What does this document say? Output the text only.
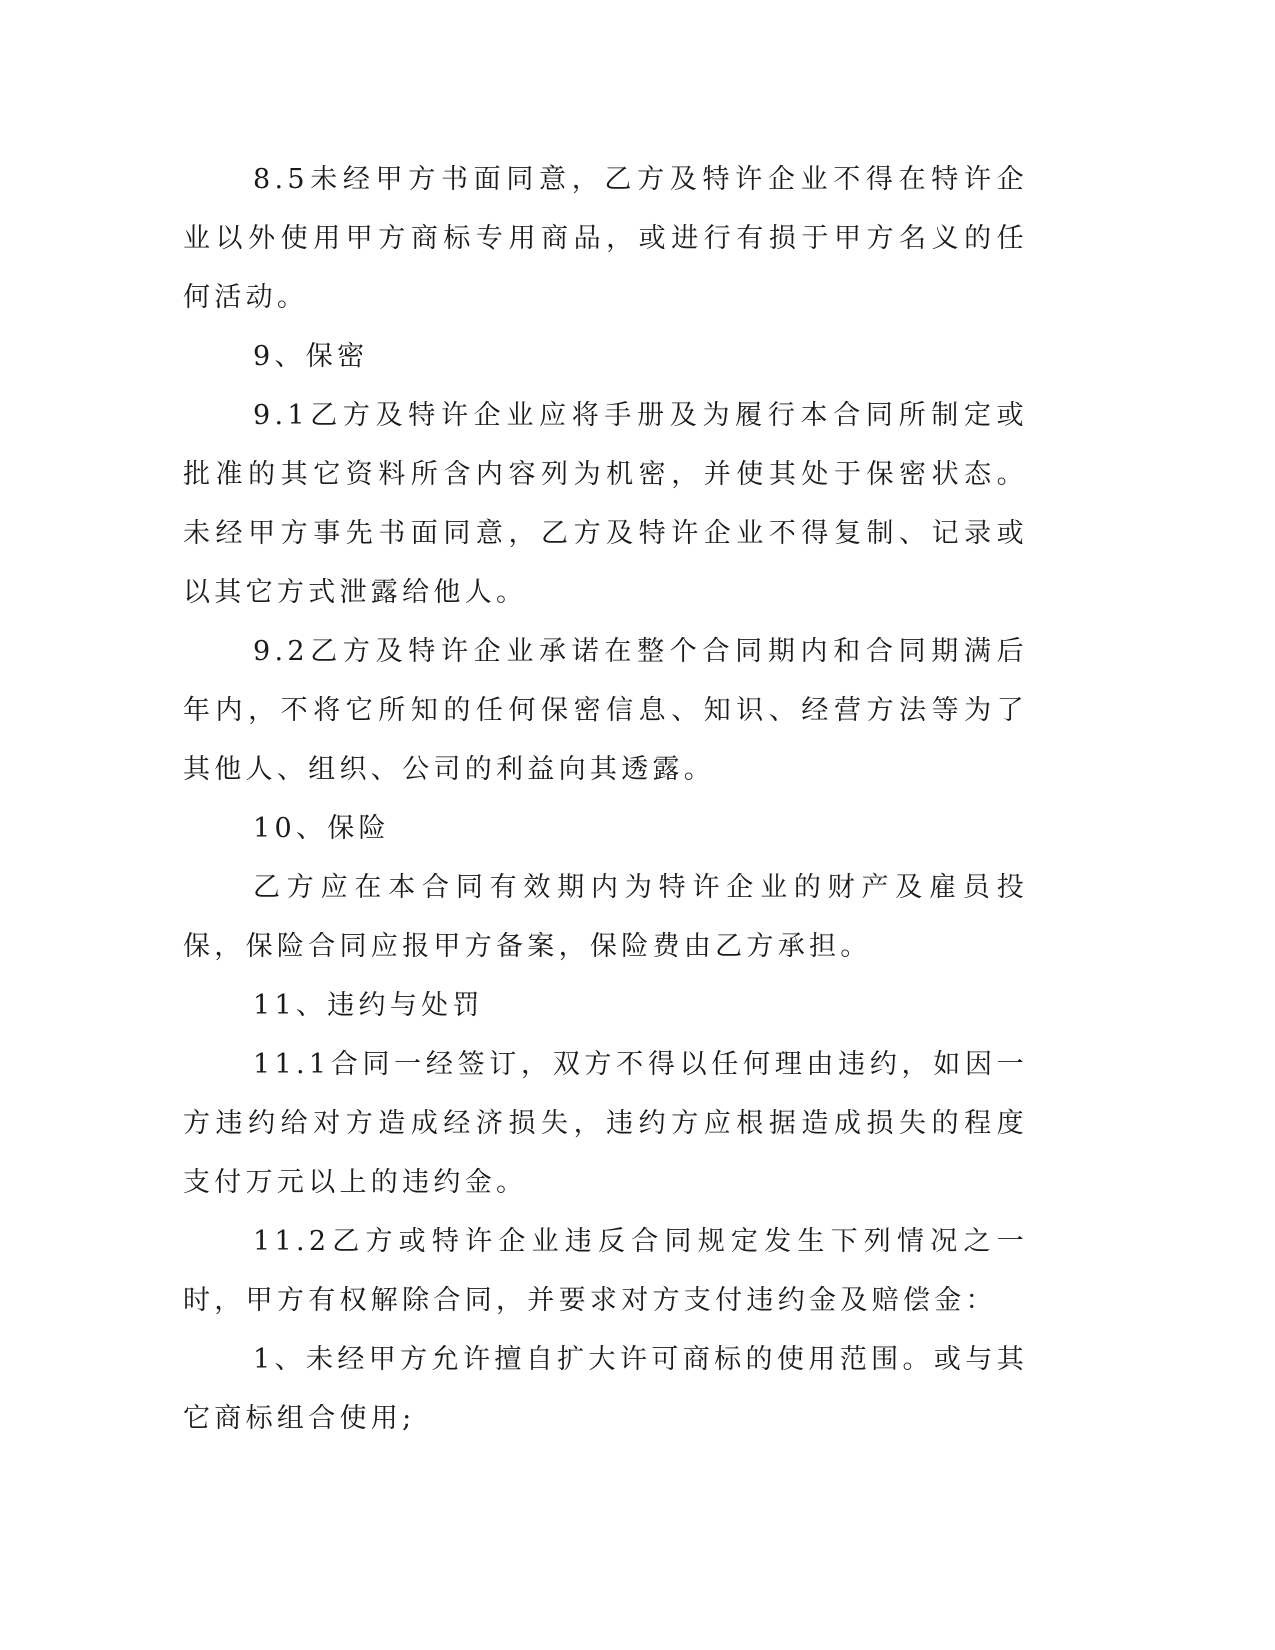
8.5未经甲方书面同意，乙方及特许企业不得在特许企业以外使用甲方商标专用商品，或进行有损于甲方名义的任何活动。

9、保密

9.1乙方及特许企业应将手册及为履行本合同所制定或批准的其它资料所含内容列为机密，并使其处于保密状态。未经甲方事先书面同意，乙方及特许企业不得复制、记录或以其它方式泄露给他人。

9.2乙方及特许企业承诺在整个合同期内和合同期满后年内，不将它所知的任何保密信息、知识、经营方法等为了其他人、组织、公司的利益向其透露。

10、保险

乙方应在本合同有效期内为特许企业的财产及雇员投保，保险合同应报甲方备案，保险费由乙方承担。

11、违约与处罚

11.1合同一经签订，双方不得以任何理由违约，如因一方违约给对方造成经济损失，违约方应根据造成损失的程度支付万元以上的违约金。

11.2乙方或特许企业违反合同规定发生下列情况之一时，甲方有权解除合同，并要求对方支付违约金及赔偿金：

1、未经甲方允许擅自扩大许可商标的使用范围。或与其它商标组合使用;
